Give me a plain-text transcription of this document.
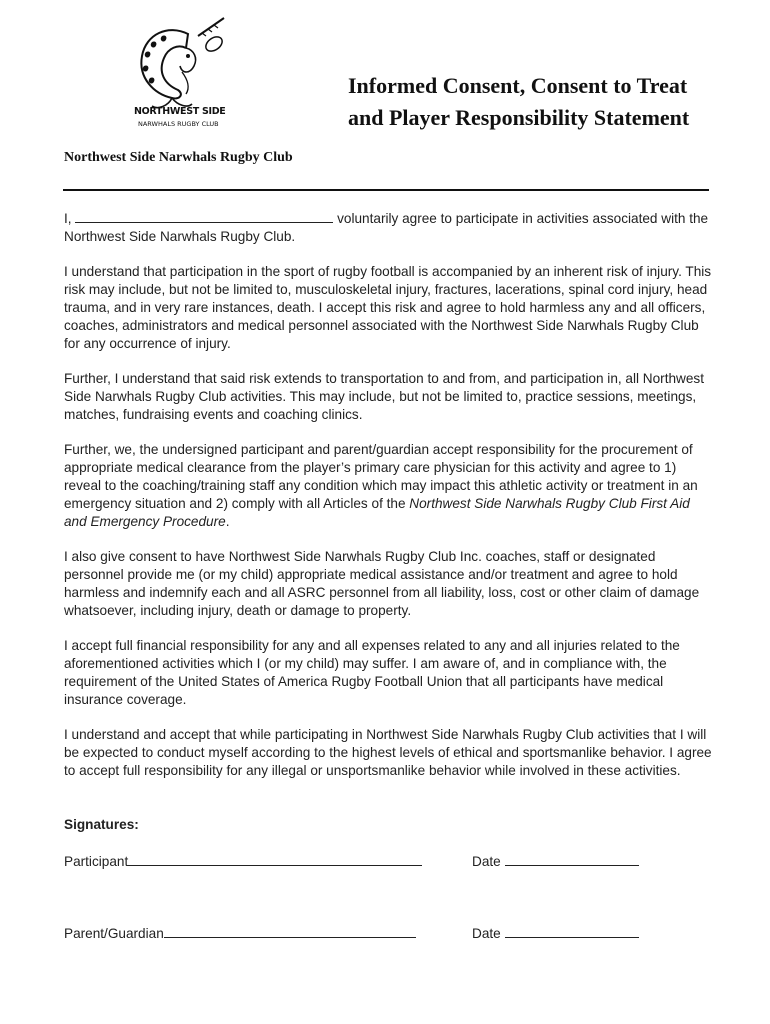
NORTHWEST SIDE
NARWHALS RUGBY CLUB
Informed Consent, Consent to Treat
and Player Responsibility Statement
Northwest Side Narwhals Rugby Club

I,	voluntarily agree to participate in activities associated with the Northwest Side Narwhals Rugby Club.

I understand that participation in the sport of rugby football is accompanied by an inherent risk of injury. This risk may include, but not be limited to, musculoskeletal injury, fractures, lacerations, spinal cord injury, head trauma, and in very rare instances, death. I accept this risk and agree to hold harmless any and all officers, coaches, administrators and medical personnel associated with the Northwest Side Narwhals Rugby Club for any occurrence of injury.

Further, I understand that said risk extends to transportation to and from, and participation in, all Northwest Side Narwhals Rugby Club activities. This may include, but not be limited to, practice sessions, meetings, matches, fundraising events and coaching clinics.

Further, we, the undersigned participant and parent/guardian accept responsibility for the procurement of appropriate medical clearance from the player’s primary care physician for this activity and agree to 1) reveal to the coaching/training staff any condition which may impact this athletic activity or treatment in an emergency situation and 2) comply with all Articles of the Northwest Side Narwhals Rugby Club First Aid and Emergency Procedure.

I also give consent to have Northwest Side Narwhals Rugby Club Inc. coaches, staff or designated personnel provide me (or my child) appropriate medical assistance and/or treatment and agree to hold harmless and indemnify each and all ASRC personnel from all liability, loss, cost or other claim of damage whatsoever, including injury, death or damage to property.

I accept full financial responsibility for any and all expenses related to any and all injuries related to the aforementioned activities which I (or my child) may suffer. I am aware of, and in compliance with, the requirement of the United States of America Rugby Football Union that all participants have medical insurance coverage.

I understand and accept that while participating in Northwest Side Narwhals Rugby Club activities that I will be expected to conduct myself according to the highest levels of ethical and sportsmanlike behavior. I agree to accept full responsibility for any illegal or unsportsmanlike behavior while involved in these activities.

Signatures:
Participant	Date
Parent/Guardian	Date
